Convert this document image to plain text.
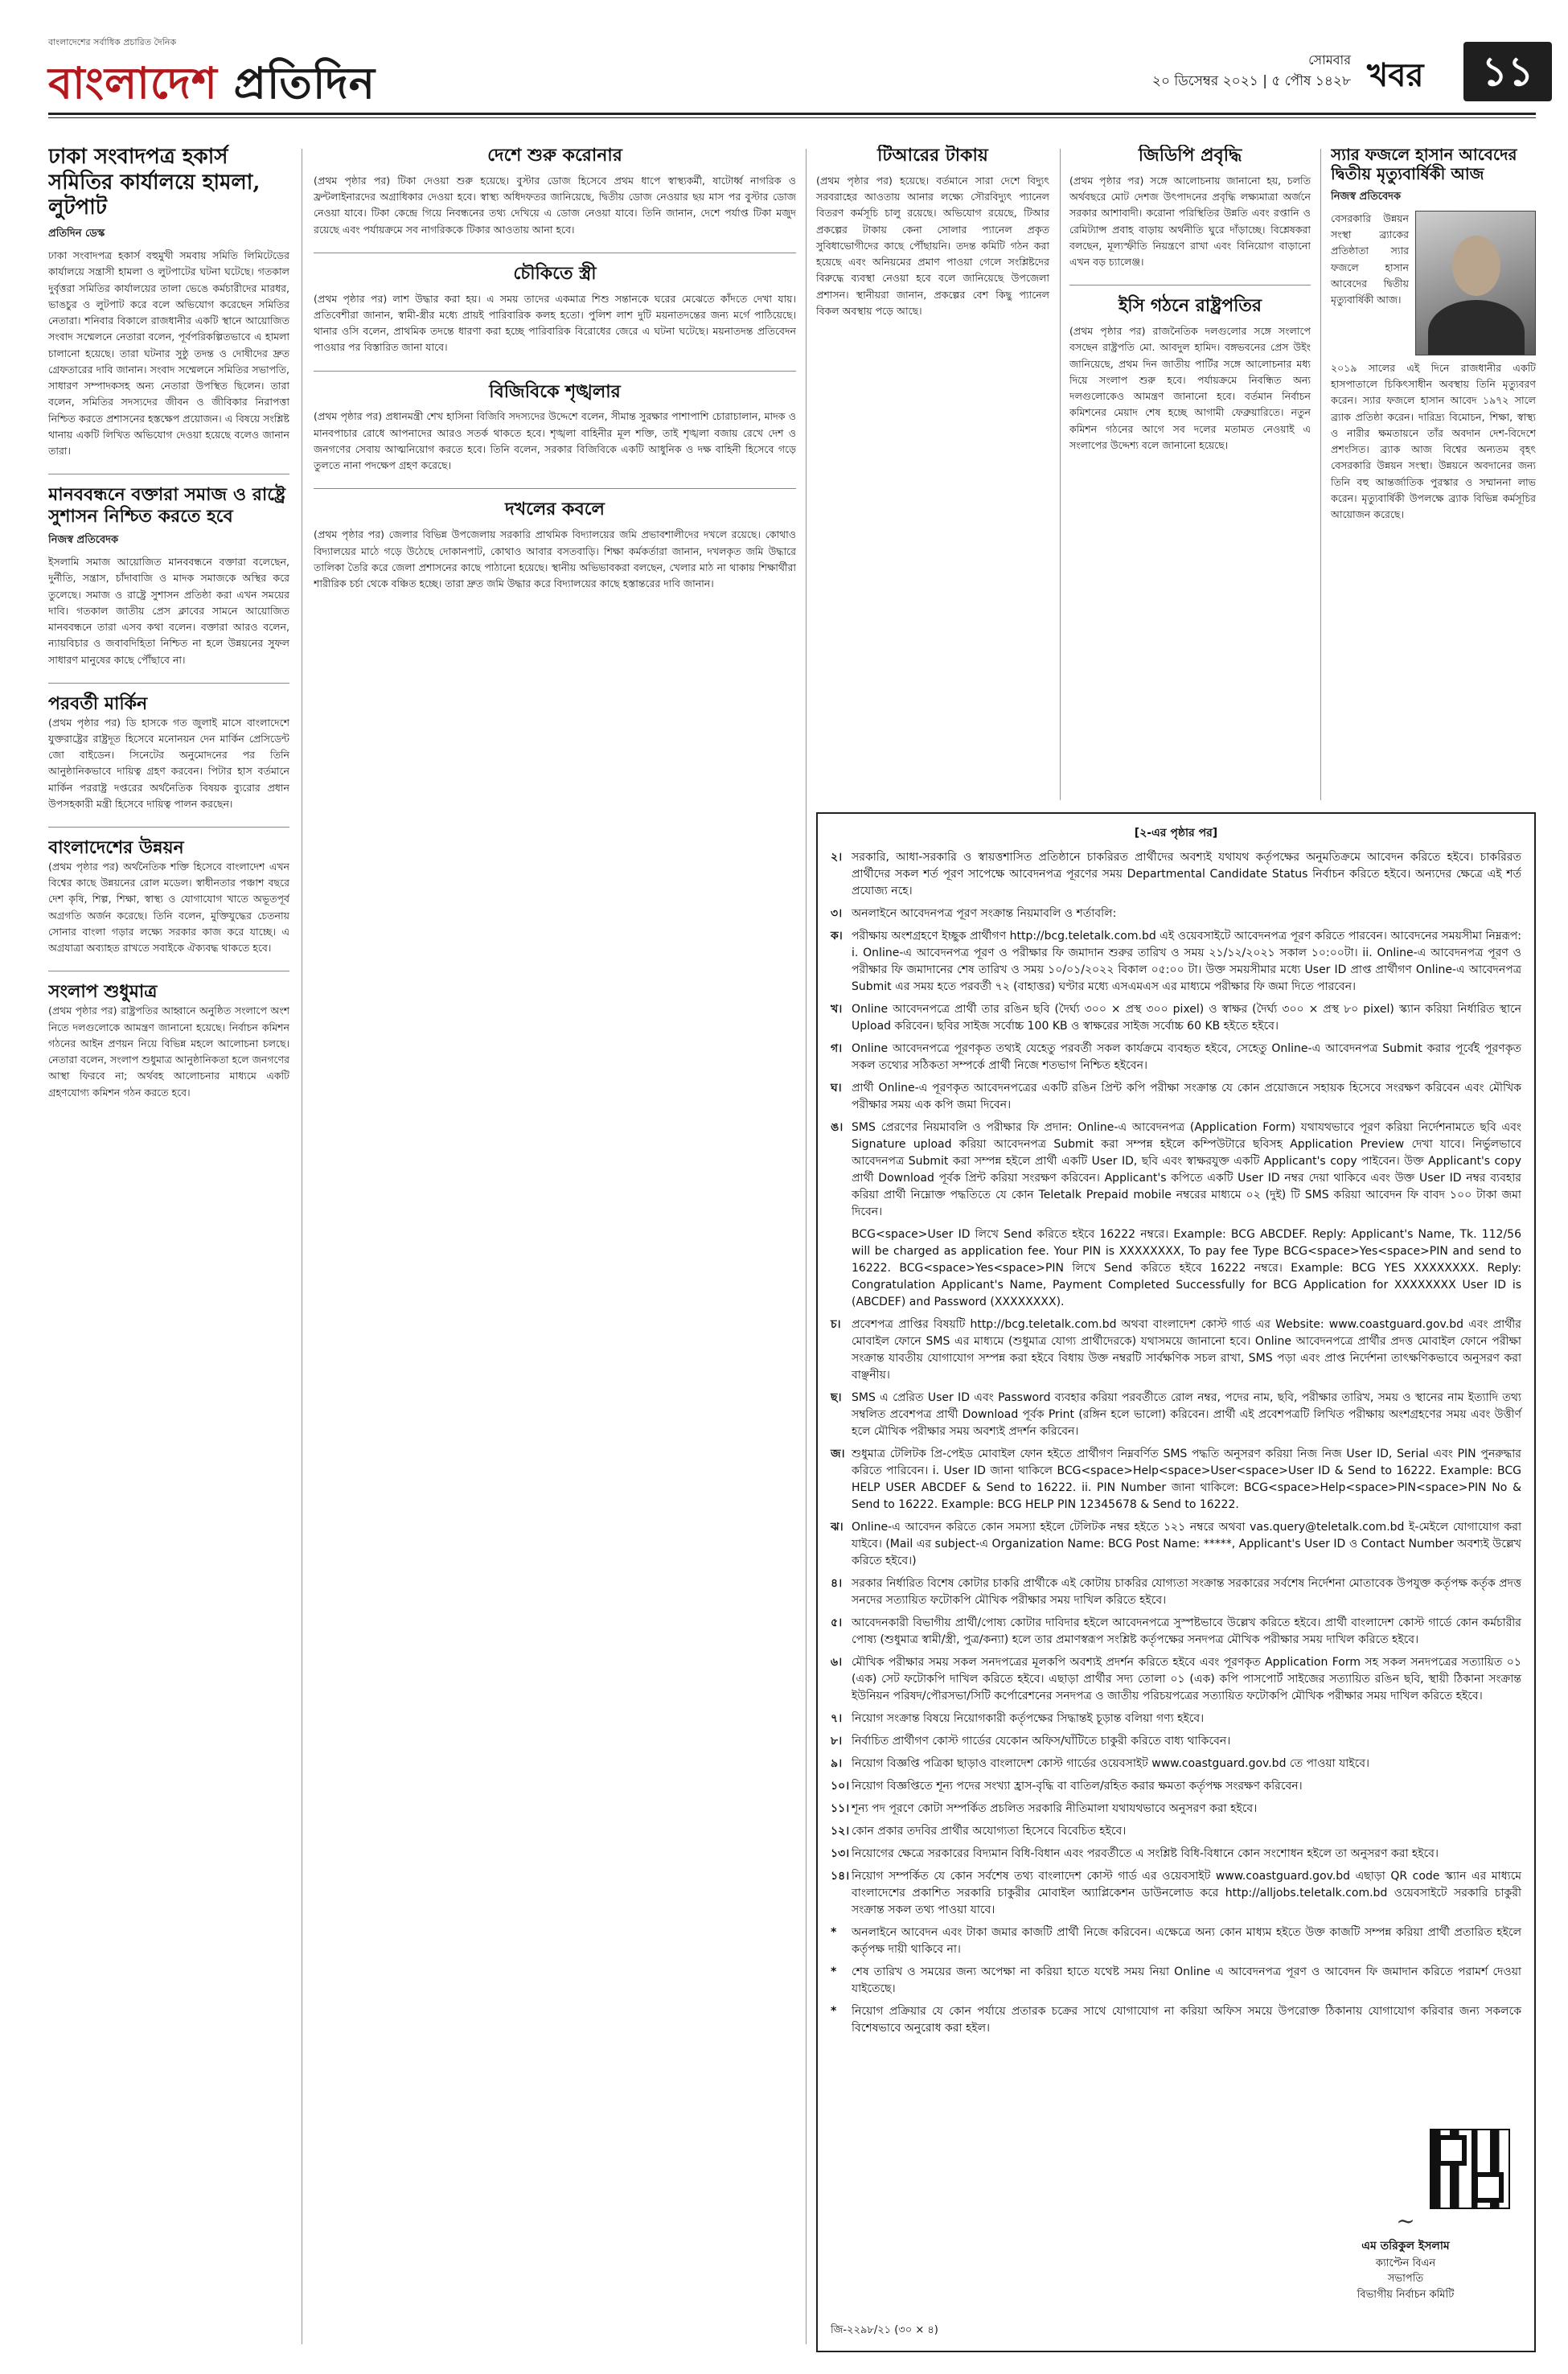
বাংলাদেশের সর্বাধিক প্রচারিত দৈনিক
বাংলাদেশ প্রতিদিন	সোমবার
২০ ডিসেম্বর ২০২১ | ৫ পৌষ ১৪২৮ খবর	১১
ঢাকা সংবাদপত্র হকার্স সমিতির কার্যালয়ে হামলা, লুটপাট
প্রতিদিন ডেস্ক

ঢাকা সংবাদপত্র হকার্স বহুমুখী সমবায় সমিতি লিমিটেডের কার্যালয়ে সন্ত্রাসী হামলা ও লুটপাটের ঘটনা ঘটেছে। গতকাল দুর্বৃত্তরা সমিতির কার্যালয়ের তালা ভেঙে কর্মচারীদের মারধর, ভাঙচুর ও লুটপাট করে বলে অভিযোগ করেছেন সমিতির নেতারা। শনিবার বিকালে রাজধানীর একটি স্থানে আয়োজিত সংবাদ সম্মেলনে নেতারা বলেন, পূর্বপরিকল্পিতভাবে এ হামলা চালানো হয়েছে। তারা ঘটনার সুষ্ঠু তদন্ত ও দোষীদের দ্রুত গ্রেফতারের দাবি জানান। সংবাদ সম্মেলনে সমিতির সভাপতি, সাধারণ সম্পাদকসহ অন্য নেতারা উপস্থিত ছিলেন। তারা বলেন, সমিতির সদস্যদের জীবন ও জীবিকার নিরাপত্তা নিশ্চিত করতে প্রশাসনের হস্তক্ষেপ প্রয়োজন। এ বিষয়ে সংশ্লিষ্ট থানায় একটি লিখিত অভিযোগ দেওয়া হয়েছে বলেও জানান তারা।

মানববন্ধনে বক্তারা সমাজ ও রাষ্ট্রে সুশাসন নিশ্চিত করতে হবে
নিজস্ব প্রতিবেদক

ইসলামি সমাজ আয়োজিত মানববন্ধনে বক্তারা বলেছেন, দুর্নীতি, সন্ত্রাস, চাঁদাবাজি ও মাদক সমাজকে অস্থির করে তুলেছে। সমাজ ও রাষ্ট্রে সুশাসন প্রতিষ্ঠা করা এখন সময়ের দাবি। গতকাল জাতীয় প্রেস ক্লাবের সামনে আয়োজিত মানববন্ধনে তারা এসব কথা বলেন। বক্তারা আরও বলেন, ন্যায়বিচার ও জবাবদিহিতা নিশ্চিত না হলে উন্নয়নের সুফল সাধারণ মানুষের কাছে পৌঁছাবে না।

পরবর্তী মার্কিন

(প্রথম পৃষ্ঠার পর) ডি হাসকে গত জুলাই মাসে বাংলাদেশে যুক্তরাষ্ট্রের রাষ্ট্রদূত হিসেবে মনোনয়ন দেন মার্কিন প্রেসিডেন্ট জো বাইডেন। সিনেটের অনুমোদনের পর তিনি আনুষ্ঠানিকভাবে দায়িত্ব গ্রহণ করবেন। পিটার হাস বর্তমানে মার্কিন পররাষ্ট্র দপ্তরের অর্থনৈতিক বিষয়ক ব্যুরোর প্রধান উপসহকারী মন্ত্রী হিসেবে দায়িত্ব পালন করছেন।

বাংলাদেশের উন্নয়ন

(প্রথম পৃষ্ঠার পর) অর্থনৈতিক শক্তি হিসেবে বাংলাদেশ এখন বিশ্বের কাছে উন্নয়নের রোল মডেল। স্বাধীনতার পঞ্চাশ বছরে দেশ কৃষি, শিল্প, শিক্ষা, স্বাস্থ্য ও যোগাযোগ খাতে অভূতপূর্ব অগ্রগতি অর্জন করেছে। তিনি বলেন, মুক্তিযুদ্ধের চেতনায় সোনার বাংলা গড়ার লক্ষ্যে সরকার কাজ করে যাচ্ছে। এ অগ্রযাত্রা অব্যাহত রাখতে সবাইকে ঐক্যবদ্ধ থাকতে হবে।

সংলাপ শুধুমাত্র

(প্রথম পৃষ্ঠার পর) রাষ্ট্রপতির আহ্বানে অনুষ্ঠিত সংলাপে অংশ নিতে দলগুলোকে আমন্ত্রণ জানানো হয়েছে। নির্বাচন কমিশন গঠনের আইন প্রণয়ন নিয়ে বিভিন্ন মহলে আলোচনা চলছে। নেতারা বলেন, সংলাপ শুধুমাত্র আনুষ্ঠানিকতা হলে জনগণের আস্থা ফিরবে না; অর্থবহ আলোচনার মাধ্যমে একটি গ্রহণযোগ্য কমিশন গঠন করতে হবে।

দেশে শুরু করোনার

(প্রথম পৃষ্ঠার পর) টিকা দেওয়া শুরু হয়েছে। বুস্টার ডোজ হিসেবে প্রথম ধাপে স্বাস্থ্যকর্মী, ষাটোর্ধ্ব নাগরিক ও ফ্রন্টলাইনারদের অগ্রাধিকার দেওয়া হবে। স্বাস্থ্য অধিদফতর জানিয়েছে, দ্বিতীয় ডোজ নেওয়ার ছয় মাস পর বুস্টার ডোজ নেওয়া যাবে। টিকা কেন্দ্রে গিয়ে নিবন্ধনের তথ্য দেখিয়ে এ ডোজ নেওয়া যাবে। তিনি জানান, দেশে পর্যাপ্ত টিকা মজুদ রয়েছে এবং পর্যায়ক্রমে সব নাগরিককে টিকার আওতায় আনা হবে।

চৌকিতে স্ত্রী

(প্রথম পৃষ্ঠার পর) লাশ উদ্ধার করা হয়। এ সময় তাদের একমাত্র শিশু সন্তানকে ঘরের মেঝেতে কাঁদতে দেখা যায়। প্রতিবেশীরা জানান, স্বামী-স্ত্রীর মধ্যে প্রায়ই পারিবারিক কলহ হতো। পুলিশ লাশ দুটি ময়নাতদন্তের জন্য মর্গে পাঠিয়েছে। থানার ওসি বলেন, প্রাথমিক তদন্তে ধারণা করা হচ্ছে পারিবারিক বিরোধের জেরে এ ঘটনা ঘটেছে। ময়নাতদন্ত প্রতিবেদন পাওয়ার পর বিস্তারিত জানা যাবে।

বিজিবিকে শৃঙ্খলার

(প্রথম পৃষ্ঠার পর) প্রধানমন্ত্রী শেখ হাসিনা বিজিবি সদস্যদের উদ্দেশে বলেন, সীমান্ত সুরক্ষার পাশাপাশি চোরাচালান, মাদক ও মানবপাচার রোধে আপনাদের আরও সতর্ক থাকতে হবে। শৃঙ্খলা বাহিনীর মূল শক্তি, তাই শৃঙ্খলা বজায় রেখে দেশ ও জনগণের সেবায় আত্মনিয়োগ করতে হবে। তিনি বলেন, সরকার বিজিবিকে একটি আধুনিক ও দক্ষ বাহিনী হিসেবে গড়ে তুলতে নানা পদক্ষেপ গ্রহণ করেছে।

দখলের কবলে

(প্রথম পৃষ্ঠার পর) জেলার বিভিন্ন উপজেলায় সরকারি প্রাথমিক বিদ্যালয়ের জমি প্রভাবশালীদের দখলে রয়েছে। কোথাও বিদ্যালয়ের মাঠে গড়ে উঠেছে দোকানপাট, কোথাও আবার বসতবাড়ি। শিক্ষা কর্মকর্তারা জানান, দখলকৃত জমি উদ্ধারে তালিকা তৈরি করে জেলা প্রশাসনের কাছে পাঠানো হয়েছে। স্থানীয় অভিভাবকরা বলছেন, খেলার মাঠ না থাকায় শিক্ষার্থীরা শারীরিক চর্চা থেকে বঞ্চিত হচ্ছে। তারা দ্রুত জমি উদ্ধার করে বিদ্যালয়ের কাছে হস্তান্তরের দাবি জানান।

টিআরের টাকায়

(প্রথম পৃষ্ঠার পর) হয়েছে। বর্তমানে সারা দেশে বিদ্যুৎ সরবরাহের আওতায় আনার লক্ষ্যে সৌরবিদ্যুৎ প্যানেল বিতরণ কর্মসূচি চালু রয়েছে। অভিযোগ রয়েছে, টিআর প্রকল্পের টাকায় কেনা সোলার প্যানেল প্রকৃত সুবিধাভোগীদের কাছে পৌঁছায়নি। তদন্ত কমিটি গঠন করা হয়েছে এবং অনিয়মের প্রমাণ পাওয়া গেলে সংশ্লিষ্টদের বিরুদ্ধে ব্যবস্থা নেওয়া হবে বলে জানিয়েছে উপজেলা প্রশাসন। স্থানীয়রা জানান, প্রকল্পের বেশ কিছু প্যানেল বিকল অবস্থায় পড়ে আছে।

জিডিপি প্রবৃদ্ধি

(প্রথম পৃষ্ঠার পর) সঙ্গে আলোচনায় জানানো হয়, চলতি অর্থবছরে মোট দেশজ উৎপাদনের প্রবৃদ্ধি লক্ষ্যমাত্রা অর্জনে সরকার আশাবাদী। করোনা পরিস্থিতির উন্নতি এবং রপ্তানি ও রেমিট্যান্স প্রবাহ বাড়ায় অর্থনীতি ঘুরে দাঁড়াচ্ছে। বিশ্লেষকরা বলছেন, মূল্যস্ফীতি নিয়ন্ত্রণে রাখা এবং বিনিয়োগ বাড়ানো এখন বড় চ্যালেঞ্জ।

ইসি গঠনে রাষ্ট্রপতির

(প্রথম পৃষ্ঠার পর) রাজনৈতিক দলগুলোর সঙ্গে সংলাপে বসছেন রাষ্ট্রপতি মো. আবদুল হামিদ। বঙ্গভবনের প্রেস উইং জানিয়েছে, প্রথম দিন জাতীয় পার্টির সঙ্গে আলোচনার মধ্য দিয়ে সংলাপ শুরু হবে। পর্যায়ক্রমে নিবন্ধিত অন্য দলগুলোকেও আমন্ত্রণ জানানো হবে। বর্তমান নির্বাচন কমিশনের মেয়াদ শেষ হচ্ছে আগামী ফেব্রুয়ারিতে। নতুন কমিশন গঠনের আগে সব দলের মতামত নেওয়াই এ সংলাপের উদ্দেশ্য বলে জানানো হয়েছে।

স্যার ফজলে হাসান আবেদের দ্বিতীয় মৃত্যুবার্ষিকী আজ
নিজস্ব প্রতিবেদক

বেসরকারি উন্নয়ন সংস্থা ব্র্যাকের প্রতিষ্ঠাতা স্যার ফজলে হাসান আবেদের দ্বিতীয় মৃত্যুবার্ষিকী আজ।

২০১৯ সালের এই দিনে রাজধানীর একটি হাসপাতালে চিকিৎসাধীন অবস্থায় তিনি মৃত্যুবরণ করেন। স্যার ফজলে হাসান আবেদ ১৯৭২ সালে ব্র্যাক প্রতিষ্ঠা করেন। দারিদ্র্য বিমোচন, শিক্ষা, স্বাস্থ্য ও নারীর ক্ষমতায়নে তাঁর অবদান দেশ-বিদেশে প্রশংসিত। ব্র্যাক আজ বিশ্বের অন্যতম বৃহৎ বেসরকারি উন্নয়ন সংস্থা। উন্নয়নে অবদানের জন্য তিনি বহু আন্তর্জাতিক পুরস্কার ও সম্মাননা লাভ করেন। মৃত্যুবার্ষিকী উপলক্ষে ব্র্যাক বিভিন্ন কর্মসূচির আয়োজন করেছে।

[২-এর পৃষ্ঠার পর]
২। সরকারি, আধা-সরকারি ও স্বায়ত্তশাসিত প্রতিষ্ঠানে চাকরিরত প্রার্থীদের অবশ্যই যথাযথ কর্তৃপক্ষের অনুমতিক্রমে আবেদন করিতে হইবে। চাকরিরত প্রার্থীদের সকল শর্ত পূরণ সাপেক্ষে আবেদনপত্র পূরণের সময় Departmental Candidate Status নির্বাচন করিতে হইবে। অন্যদের ক্ষেত্রে এই শর্ত প্রযোজ্য নহে।
৩। অনলাইনে আবেদনপত্র পূরণ সংক্রান্ত নিয়মাবলি ও শর্তাবলি:
ক। পরীক্ষায় অংশগ্রহণে ইচ্ছুক প্রার্থীগণ http://bcg.teletalk.com.bd এই ওয়েবসাইটে আবেদনপত্র পূরণ করিতে পারবেন। আবেদনের সময়সীমা নিম্নরূপ: i. Online-এ আবেদনপত্র পূরণ ও পরীক্ষার ফি জমাদান শুরুর তারিখ ও সময় ২১/১২/২০২১ সকাল ১০:০০টা। ii. Online-এ আবেদনপত্র পূরণ ও পরীক্ষার ফি জমাদানের শেষ তারিখ ও সময় ১০/০১/২০২২ বিকাল ০৫:০০ টা। উক্ত সময়সীমার মধ্যে User ID প্রাপ্ত প্রার্থীগণ Online-এ আবেদনপত্র Submit এর সময় হতে পরবর্তী ৭২ (বাহাত্তর) ঘণ্টার মধ্যে এসএমএস এর মাধ্যমে পরীক্ষার ফি জমা দিতে পারবেন।
খ। Online আবেদনপত্রে প্রার্থী তার রঙিন ছবি (দৈর্ঘ্য ৩০০ × প্রস্থ ৩০০ pixel) ও স্বাক্ষর (দৈর্ঘ্য ৩০০ × প্রস্থ ৮০ pixel) স্ক্যান করিয়া নির্ধারিত স্থানে Upload করিবেন। ছবির সাইজ সর্বোচ্চ 100 KB ও স্বাক্ষরের সাইজ সর্বোচ্চ 60 KB হইতে হইবে।
গ। Online আবেদনপত্রে পূরণকৃত তথ্যই যেহেতু পরবর্তী সকল কার্যক্রমে ব্যবহৃত হইবে, সেহেতু Online-এ আবেদনপত্র Submit করার পূর্বেই পূরণকৃত সকল তথ্যের সঠিকতা সম্পর্কে প্রার্থী নিজে শতভাগ নিশ্চিত হইবেন।
ঘ। প্রার্থী Online-এ পূরণকৃত আবেদনপত্রের একটি রঙিন প্রিন্ট কপি পরীক্ষা সংক্রান্ত যে কোন প্রয়োজনে সহায়ক হিসেবে সংরক্ষণ করিবেন এবং মৌখিক পরীক্ষার সময় এক কপি জমা দিবেন।
ঙ। SMS প্রেরণের নিয়মাবলি ও পরীক্ষার ফি প্রদান: Online-এ আবেদনপত্র (Application Form) যথাযথভাবে পূরণ করিয়া নির্দেশনামতে ছবি এবং Signature upload করিয়া আবেদনপত্র Submit করা সম্পন্ন হইলে কম্পিউটারে ছবিসহ Application Preview দেখা যাবে। নির্ভুলভাবে আবেদনপত্র Submit করা সম্পন্ন হইলে প্রার্থী একটি User ID, ছবি এবং স্বাক্ষরযুক্ত একটি Applicant's copy পাইবেন। উক্ত Applicant's copy প্রার্থী Download পূর্বক প্রিন্ট করিয়া সংরক্ষণ করিবেন। Applicant's কপিতে একটি User ID নম্বর দেয়া থাকিবে এবং উক্ত User ID নম্বর ব্যবহার করিয়া প্রার্থী নিম্নোক্ত পদ্ধতিতে যে কোন Teletalk Prepaid mobile নম্বরের মাধ্যমে ০২ (দুই) টি SMS করিয়া আবেদন ফি বাবদ ১০০ টাকা জমা দিবেন।
BCG<space>User ID লিখে Send করিতে হইবে 16222 নম্বরে। Example: BCG ABCDEF. Reply: Applicant's Name, Tk. 112/56 will be charged as application fee. Your PIN is XXXXXXXX, To pay fee Type BCG<space>Yes<space>PIN and send to 16222. BCG<space>Yes<space>PIN লিখে Send করিতে হইবে 16222 নম্বরে। Example: BCG YES XXXXXXXX. Reply: Congratulation Applicant's Name, Payment Completed Successfully for BCG Application for XXXXXXXX User ID is (ABCDEF) and Password (XXXXXXXX).
চ। প্রবেশপত্র প্রাপ্তির বিষয়টি http://bcg.teletalk.com.bd অথবা বাংলাদেশ কোস্ট গার্ড এর Website: www.coastguard.gov.bd এবং প্রার্থীর মোবাইল ফোনে SMS এর মাধ্যমে (শুধুমাত্র যোগ্য প্রার্থীদেরকে) যথাসময়ে জানানো হবে। Online আবেদনপত্রে প্রার্থীর প্রদত্ত মোবাইল ফোনে পরীক্ষা সংক্রান্ত যাবতীয় যোগাযোগ সম্পন্ন করা হইবে বিধায় উক্ত নম্বরটি সার্বক্ষণিক সচল রাখা, SMS পড়া এবং প্রাপ্ত নির্দেশনা তাৎক্ষণিকভাবে অনুসরণ করা বাঞ্ছনীয়।
ছ। SMS এ প্রেরিত User ID এবং Password ব্যবহার করিয়া পরবর্তীতে রোল নম্বর, পদের নাম, ছবি, পরীক্ষার তারিখ, সময় ও স্থানের নাম ইত্যাদি তথ্য সম্বলিত প্রবেশপত্র প্রার্থী Download পূর্বক Print (রঙ্গিন হলে ভালো) করিবেন। প্রার্থী এই প্রবেশপত্রটি লিখিত পরীক্ষায় অংশগ্রহণের সময় এবং উত্তীর্ণ হলে মৌখিক পরীক্ষার সময় অবশ্যই প্রদর্শন করিবেন।
জ। শুধুমাত্র টেলিটক প্রি-পেইড মোবাইল ফোন হইতে প্রার্থীগণ নিম্নবর্ণিত SMS পদ্ধতি অনুসরণ করিয়া নিজ নিজ User ID, Serial এবং PIN পুনরুদ্ধার করিতে পারিবেন। i. User ID জানা থাকিলে BCG<space>Help<space>User<space>User ID & Send to 16222. Example: BCG HELP USER ABCDEF & Send to 16222. ii. PIN Number জানা থাকিলে: BCG<space>Help<space>PIN<space>PIN No & Send to 16222. Example: BCG HELP PIN 12345678 & Send to 16222.
ঝ। Online-এ আবেদন করিতে কোন সমস্যা হইলে টেলিটক নম্বর হইতে ১২১ নম্বরে অথবা vas.query@teletalk.com.bd ই-মেইলে যোগাযোগ করা যাইবে। (Mail এর subject-এ Organization Name: BCG Post Name: *****, Applicant's User ID ও Contact Number অবশ্যই উল্লেখ করিতে হইবে।)
৪। সরকার নির্ধারিত বিশেষ কোটার চাকরি প্রার্থীকে এই কোটায় চাকরির যোগ্যতা সংক্রান্ত সরকারের সর্বশেষ নির্দেশনা মোতাবেক উপযুক্ত কর্তৃপক্ষ কর্তৃক প্রদত্ত সনদের সত্যায়িত ফটোকপি মৌখিক পরীক্ষার সময় দাখিল করিতে হইবে।
৫। আবেদনকারী বিভাগীয় প্রার্থী/পোষ্য কোটার দাবিদার হইলে আবেদনপত্রে সুস্পষ্টভাবে উল্লেখ করিতে হইবে। প্রার্থী বাংলাদেশ কোস্ট গার্ডে কোন কর্মচারীর পোষ্য (শুধুমাত্র স্বামী/স্ত্রী, পুত্র/কন্যা) হলে তার প্রমাণস্বরূপ সংশ্লিষ্ট কর্তৃপক্ষের সনদপত্র মৌখিক পরীক্ষার সময় দাখিল করিতে হইবে।
৬। মৌখিক পরীক্ষার সময় সকল সনদপত্রের মূলকপি অবশ্যই প্রদর্শন করিতে হইবে এবং পূরণকৃত Application Form সহ সকল সনদপত্রের সত্যায়িত ০১ (এক) সেট ফটোকপি দাখিল করিতে হইবে। এছাড়া প্রার্থীর সদ্য তোলা ০১ (এক) কপি পাসপোর্ট সাইজের সত্যায়িত রঙিন ছবি, স্থায়ী ঠিকানা সংক্রান্ত ইউনিয়ন পরিষদ/পৌরসভা/সিটি কর্পোরেশনের সনদপত্র ও জাতীয় পরিচয়পত্রের সত্যায়িত ফটোকপি মৌখিক পরীক্ষার সময় দাখিল করিতে হইবে।
৭। নিয়োগ সংক্রান্ত বিষয়ে নিয়োগকারী কর্তৃপক্ষের সিদ্ধান্তই চূড়ান্ত বলিয়া গণ্য হইবে।
৮। নির্বাচিত প্রার্থীগণ কোস্ট গার্ডের যেকোন অফিস/ঘাঁটিতে চাকুরী করিতে বাধ্য থাকিবেন।
৯। নিয়োগ বিজ্ঞপ্তি পত্রিকা ছাড়াও বাংলাদেশ কোস্ট গার্ডের ওয়েবসাইট www.coastguard.gov.bd তে পাওয়া যাইবে।
১০। নিয়োগ বিজ্ঞপ্তিতে শূন্য পদের সংখ্যা হ্রাস-বৃদ্ধি বা বাতিল/রহিত করার ক্ষমতা কর্তৃপক্ষ সংরক্ষণ করিবেন।
১১। শূন্য পদ পূরণে কোটা সম্পর্কিত প্রচলিত সরকারি নীতিমালা যথাযথভাবে অনুসরণ করা হইবে।
১২। কোন প্রকার তদবির প্রার্থীর অযোগ্যতা হিসেবে বিবেচিত হইবে।
১৩। নিয়োগের ক্ষেত্রে সরকারের বিদ্যমান বিধি-বিধান এবং পরবর্তীতে এ সংশ্লিষ্ট বিধি-বিধানে কোন সংশোধন হইলে তা অনুসরণ করা হইবে।
১৪। নিয়োগ সম্পর্কিত যে কোন সর্বশেষ তথ্য বাংলাদেশ কোস্ট গার্ড এর ওয়েবসাইট www.coastguard.gov.bd এছাড়া QR code স্ক্যান এর মাধ্যমে বাংলাদেশের প্রকাশিত সরকারি চাকুরীর মোবাইল অ্যাপ্লিকেশন ডাউনলোড করে http://alljobs.teletalk.com.bd ওয়েবসাইটে সরকারি চাকুরী সংক্রান্ত সকল তথ্য পাওয়া যাবে।
*	অনলাইনে আবেদন এবং টাকা জমার কাজটি প্রার্থী নিজে করিবেন। এক্ষেত্রে অন্য কোন মাধ্যম হইতে উক্ত কাজটি সম্পন্ন করিয়া প্রার্থী প্রতারিত হইলে কর্তৃপক্ষ দায়ী থাকিবে না।
*	শেষ তারিখ ও সময়ের জন্য অপেক্ষা না করিয়া হাতে যথেষ্ট সময় নিয়া Online এ আবেদনপত্র পূরণ ও আবেদন ফি জমাদান করিতে পরামর্শ দেওয়া যাইতেছে।
*	নিয়োগ প্রক্রিয়ার যে কোন পর্যায়ে প্রতারক চক্রের সাথে যোগাযোগ না করিয়া অফিস সময়ে উপরোক্ত ঠিকানায় যোগাযোগ করিবার জন্য সকলকে বিশেষভাবে অনুরোধ করা হইল।
~
এম তরিকুল ইসলাম
ক্যাপ্টেন বিএন
সভাপতি
বিভাগীয় নির্বাচন কমিটি
জি-২২৯৮/২১ (৩০ × ৪)
